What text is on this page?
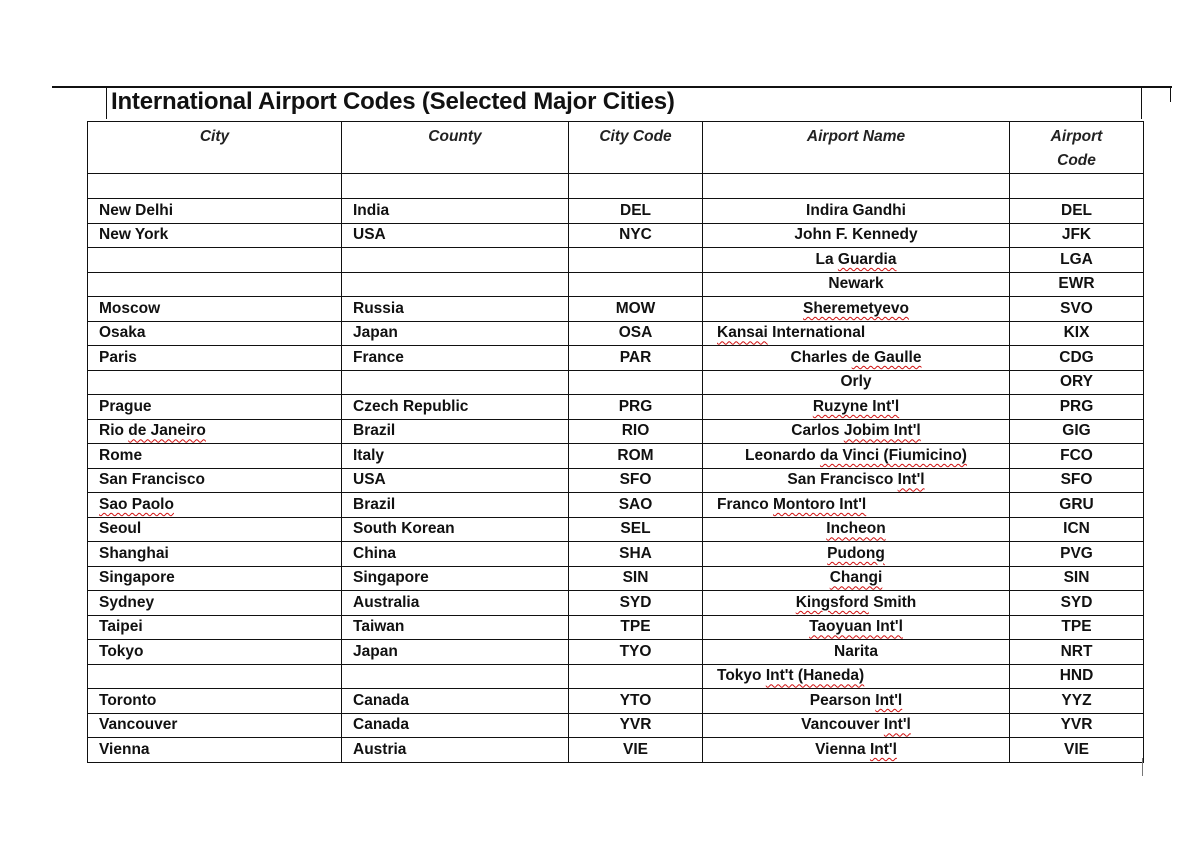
International Airport Codes (Selected Major Cities)
City	County	City Code	Airport Name	Airport
Code

New Delhi	India	DEL	Indira Gandhi	DEL
New York	USA	NYC	John F. Kennedy	JFK
			La Guardia	LGA
			Newark	EWR
Moscow	Russia	MOW	Sheremetyevo	SVO
Osaka	Japan	OSA	Kansai International	KIX
Paris	France	PAR	Charles de Gaulle	CDG
			Orly	ORY
Prague	Czech Republic	PRG	Ruzyne Int'l	PRG
Rio de Janeiro	Brazil	RIO	Carlos Jobim Int'l	GIG
Rome	Italy	ROM	Leonardo da Vinci (Fiumicino)	FCO
San Francisco	USA	SFO	San Francisco Int'l	SFO
Sao Paolo	Brazil	SAO	Franco Montoro Int'l	GRU
Seoul	South Korean	SEL	Incheon	ICN
Shanghai	China	SHA	Pudong	PVG
Singapore	Singapore	SIN	Changi	SIN
Sydney	Australia	SYD	Kingsford Smith	SYD
Taipei	Taiwan	TPE	Taoyuan Int'l	TPE
Tokyo	Japan	TYO	Narita	NRT
			Tokyo Int't (Haneda)	HND
Toronto	Canada	YTO	Pearson Int'l	YYZ
Vancouver	Canada	YVR	Vancouver Int'l	YVR
Vienna	Austria	VIE	Vienna Int'l	VIE
